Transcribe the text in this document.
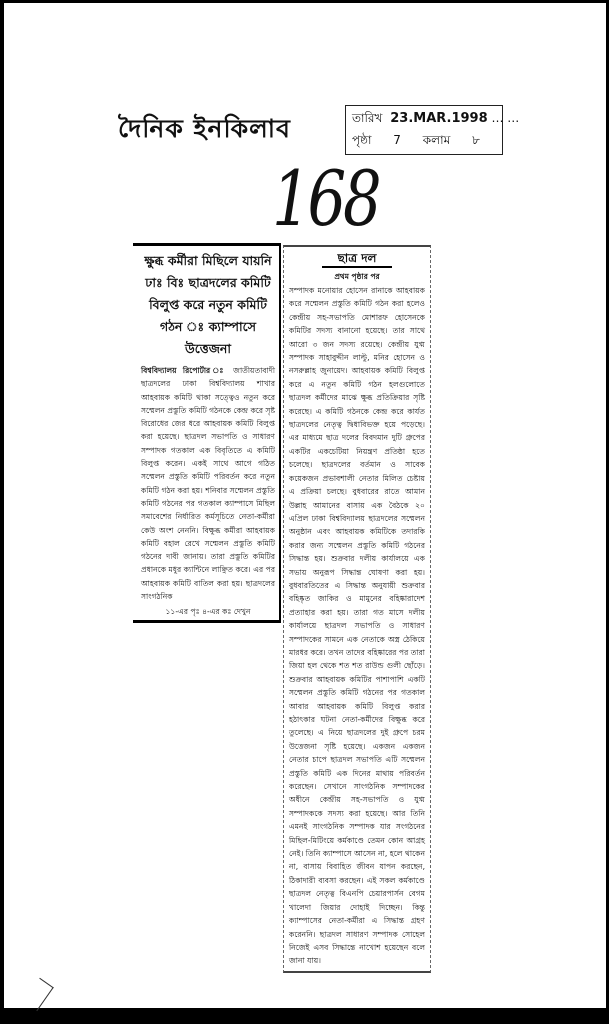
দৈনিক ইনকিলাব	তারিখ 23.MAR.1998 … …
পৃষ্ঠা 7 কলাম ৮
168
ক্ষুব্ধ কর্মীরা মিছিলে যায়নি
ঢাঃ বিঃ ছাত্রদলের কমিটি
বিলুপ্ত করে নতুন কমিটি
গঠন ঃ ক্যাম্পাসে উত্তেজনা
বিশ্ববিদ্যালয় রিপোর্টার ঃ জাতীয়তাবাদী ছাত্রদলের ঢাকা বিশ্ববিদ্যালয় শাখার আহবায়ক কমিটি থাকা সত্ত্বেও নতুন করে সম্মেলন প্রস্তুতি কমিটি গঠনকে কেন্দ্র করে সৃষ্ট বিরোধের জের ধরে আহবায়ক কমিটি বিলুপ্ত করা হয়েছে। ছাত্রদল সভাপতি ও সাধারণ সম্পাদক গতকাল এক বিবৃতিতে এ কমিটি বিলুপ্ত করেন। একই সাথে আগে গঠিত সম্মেলন প্রস্তুতি কমিটি পরিবর্তন করে নতুন কমিটি গঠন করা হয়। শনিবার সম্মেলন প্রস্তুতি কমিটি গঠনের পর গতকাল ক্যাম্পাসে মিছিল সমাবেশের নির্ধারিত কর্মসূচিতে নেতা-কর্মীরা কেউ অংশ নেননি। বিক্ষুব্ধ কর্মীরা আহবায়ক কমিটি বহাল রেখে সম্মেলন প্রস্তুতি কমিটি গঠনের দাবী জানায়। তারা প্রস্তুতি কমিটির প্রধানকে মধুর ক্যান্টিনে লাঞ্ছিত করে। এর পর আহবায়ক কমিটি বাতিল করা হয়। ছাত্রদলের সাংগঠনিক
১১-এর পৃঃ ৪-এর কঃ দেখুন
ছাত্র দল
প্রথম পৃষ্ঠার পর
সম্পাদক মনোয়ার হোসেন রানাকে আহবায়ক করে সম্মেলন প্রস্তুতি কমিটি গঠন করা হলেও কেন্দ্রীয় সহ-সভাপতি মোশারফ হোসেনকে কমিটির সদস্য বানানো হয়েছে। তার সাথে আরো ৩ জন সদস্য রয়েছে। কেন্দ্রীয় যুগ্ম সম্পাদক সাহাবুদ্দীন লাল্টু, মনির হোসেন ও নসরুল্লাহ জুনায়েদ। আহবায়ক কমিটি বিলুপ্ত করে এ নতুন কমিটি গঠন হলগুলোতে ছাত্রদল কর্মীদের মাঝে ক্ষুব্ধ প্রতিক্রিয়ার সৃষ্টি করেছে। এ কমিটি গঠনকে কেন্দ্র করে কার্যত ছাত্রদলের নেতৃত্ব দ্বিধাবিভক্ত হয়ে পড়েছে। এর মাধ্যমে ছাত্র দলের বিবদমান দুটি গ্রুপের একটির একচেটিয়া নিয়ন্ত্রণ প্রতিষ্ঠা হতে চলেছে। ছাত্রদলের বর্তমান ও সাবেক কয়েকজন প্রভাবশালী নেতার মিলিত চেষ্টায় এ প্রক্রিয়া চলছে। বুধবারের রাতে আমান উল্লাহ আমানের বাসায় এক বৈঠকে ২০ এপ্রিল ঢাকা বিশ্ববিদ্যালয় ছাত্রদলের সম্মেলন অনুষ্ঠান এবং আহবায়ক কমিটিকে তদারকি করার জন্য সম্মেলন প্রস্তুতি কমিটি গঠনের সিদ্ধান্ত হয়। শুক্রবার দলীয় কার্যালয়ে এক সভায় অনুরূপ সিদ্ধান্ত ঘোষণা করা হয়। বুধবারতিতের এ সিদ্ধান্ত অনুযায়ী শুক্রবার বহিষ্কৃত জাকির ও মামুনের বহিষ্কারাদেশ প্রত্যাহার করা হয়। তারা গত মাসে দলীয় কার্যালয়ে ছাত্রদল সভাপতি ও সাধারণ সম্পাদকের সামনে এক নেতাকে অস্ত্র ঠেকিয়ে মারধর করে। তখন তাদের বহিষ্কারের পর তারা জিয়া হল থেকে শত শত রাউন্ড গুলী ছোঁড়ে। শুক্রবার আহবায়ক কমিটির পাশাপাশি একটি সম্মেলন প্রস্তুতি কমিটি গঠনের পর গতকাল আবার আহবায়ক কমিটি বিলুপ্ত করার হঠাৎকার ঘটনা নেতা-কর্মীদের বিক্ষুব্ধ করে তুলেছে। এ নিয়ে ছাত্রদলের দুই গ্রুপে চরম উত্তেজনা সৃষ্টি হয়েছে। একজন একজন নেতার চাপে ছাত্রদল সভাপতি এটি সম্মেলন প্রস্তুতি কমিটি এক দিনের মাথায় পরিবর্তন করেছেন। সেখানে সাংগঠনিক সম্পাদকের অধীনে কেন্দ্রীয় সহ-সভাপতি ও যুগ্ম সম্পাদককে সদস্য করা হয়েছে। আর তিনি এমনই সাংগঠনিক সম্পাদক যার সংগঠনের মিছিল-মিটিংয়ে কর্মকাণ্ডে তেমন কোন আগ্রহ নেই। তিনি ক্যাম্পাসে আসেন না, হলে থাকেন না, বাসায় বিবাহিত জীবন যাপন করছেন, ঠিকাদারী ব্যবসা করছেন। এই সকল কর্মকাণ্ডে ছাত্রদল নেতৃত্ব বিএনপি চেয়ারপার্সন বেগম খালেদা জিয়ার দোহাই দিচ্ছেন। কিন্তু ক্যাম্পাসের নেতা-কর্মীরা এ সিদ্ধান্ত গ্রহণ করেননি। ছাত্রদল সাধারণ সম্পাদক সোহেল নিজেই এসব সিদ্ধান্তে নাখোশ হয়েছেন বলে জানা যায়।
